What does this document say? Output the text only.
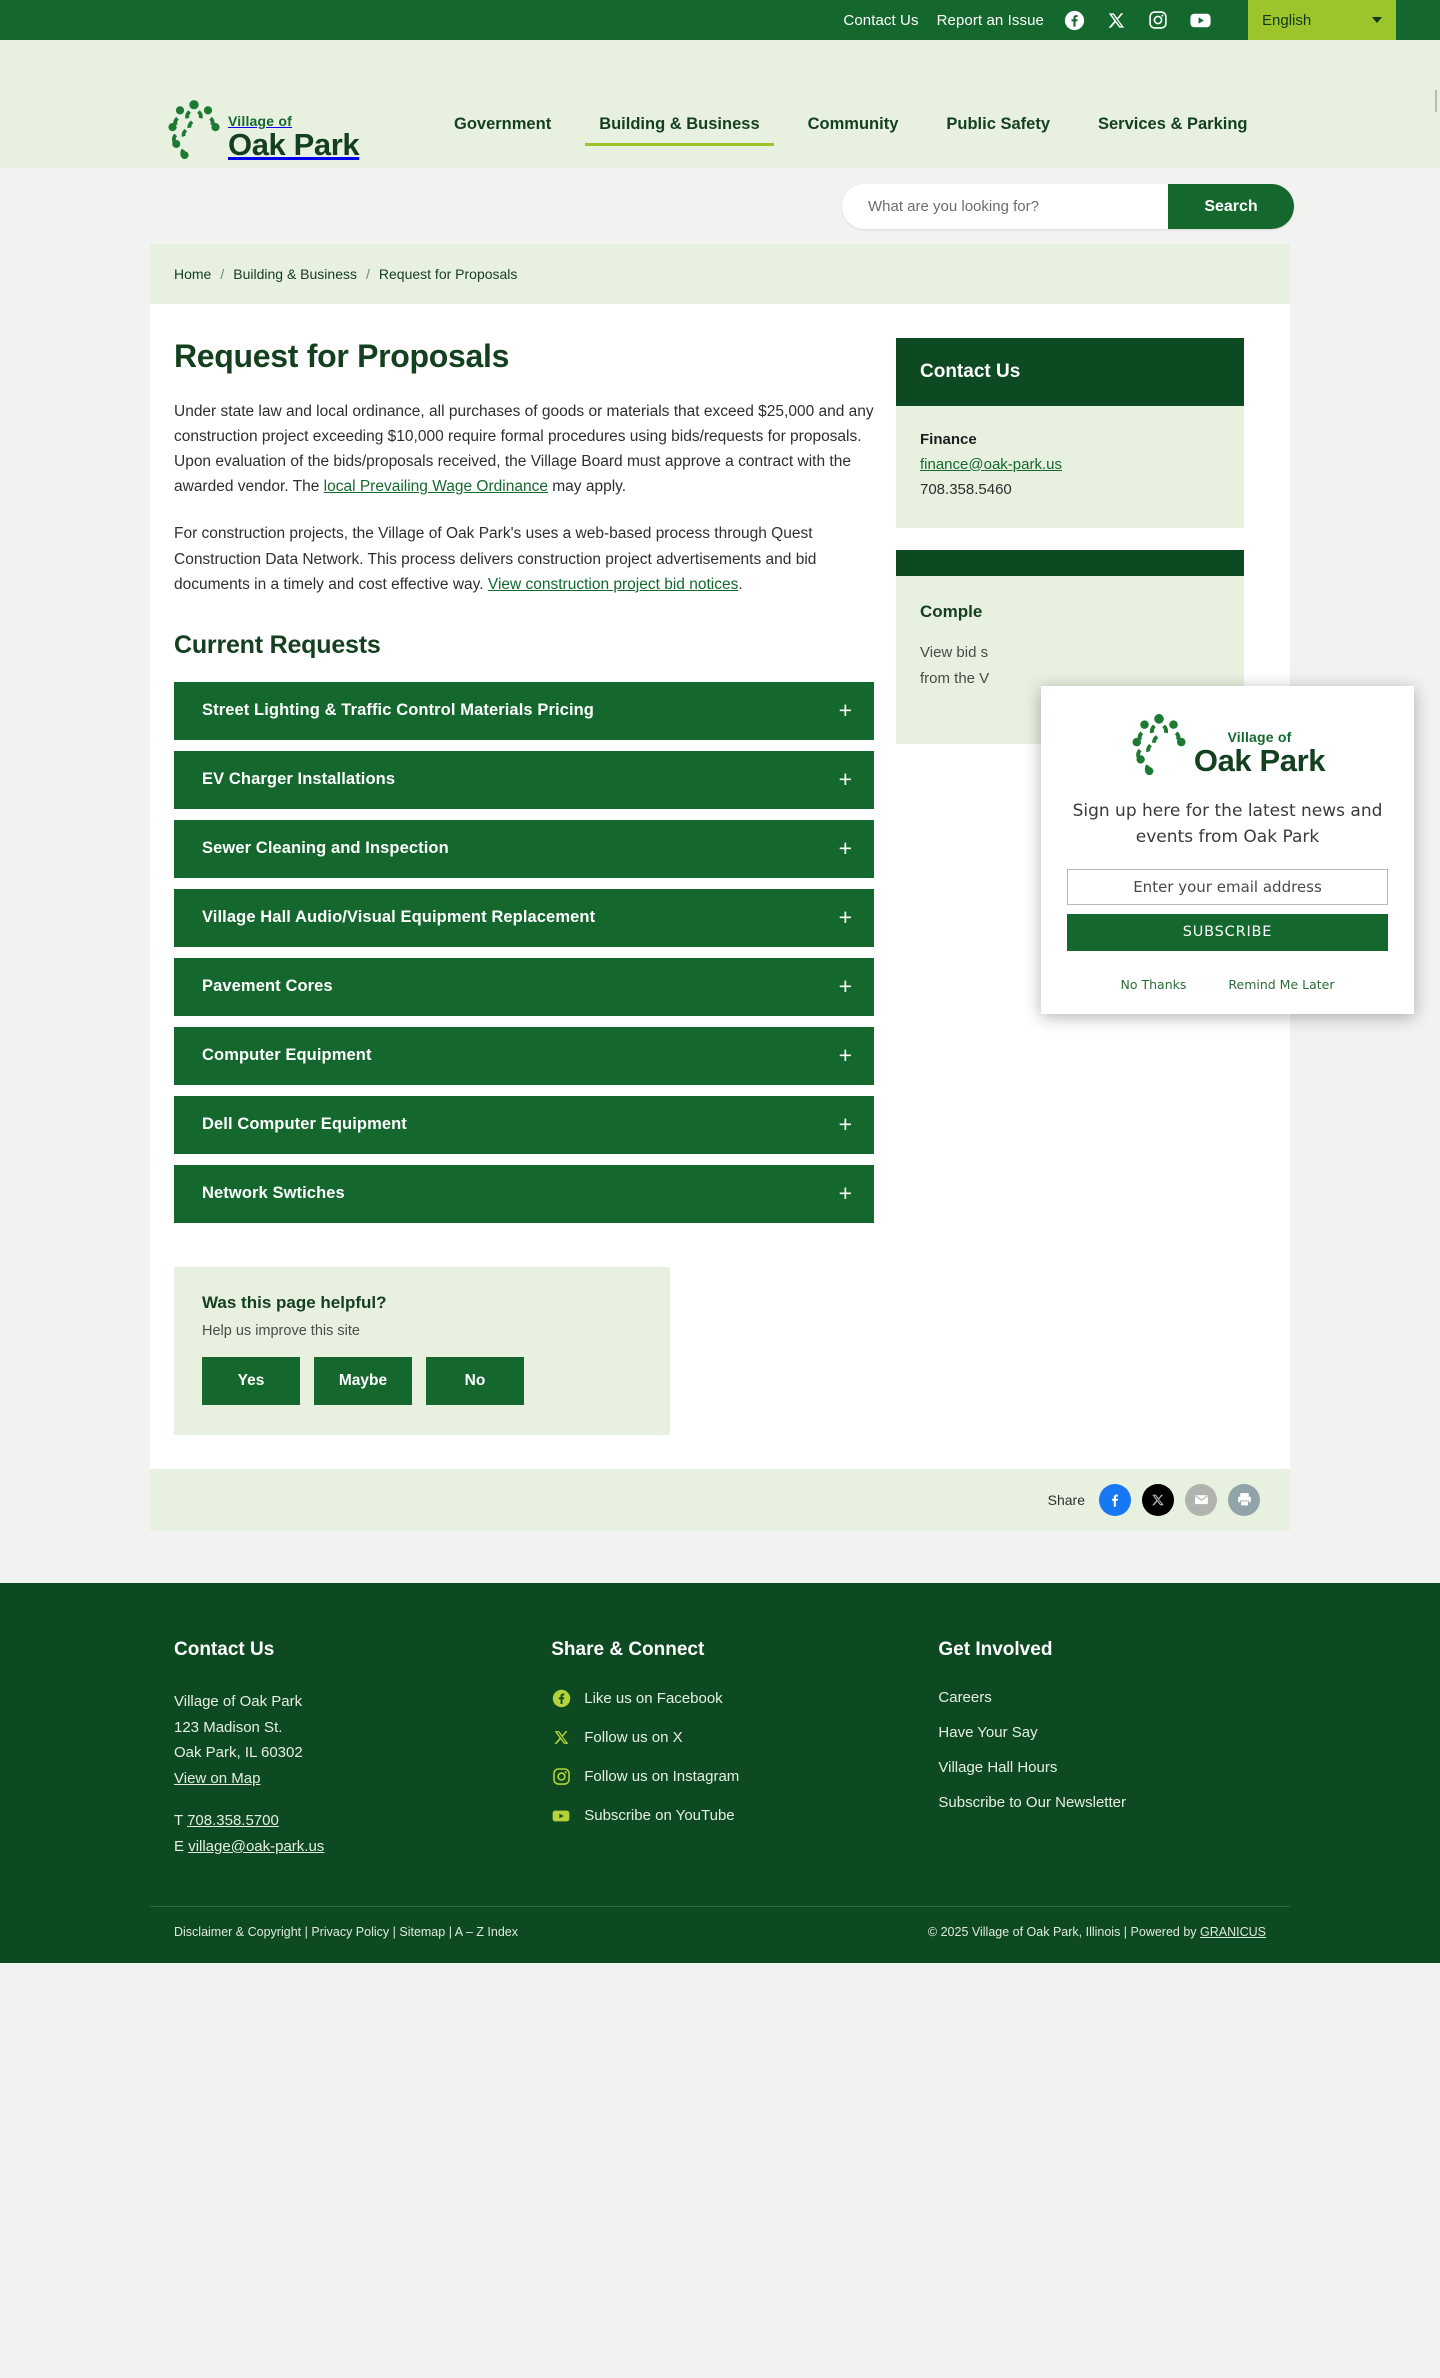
Contact Us Report an Issue	English
Village of
Oak Park
Government	Building & Business	Community	Public Safety	Services & Parking
What are you looking for?
Search
Home / Building & Business / Request for Proposals
Request for Proposals

Under state law and local ordinance, all purchases of goods or materials that exceed $25,000 and any construction project exceeding $10,000 require formal procedures using bids/requests for proposals. Upon evaluation of the bids/proposals received, the Village Board must approve a contract with the awarded vendor. The local Prevailing Wage Ordinance may apply.

For construction projects, the Village of Oak Park's uses a web-based process through Quest Construction Data Network. This process delivers construction project advertisements and bid documents in a timely and cost effective way. View construction project bid notices.

Current Requests
Street Lighting & Traffic Control Materials Pricing	+
EV Charger Installations	+
Sewer Cleaning and Inspection	+
Village Hall Audio/Visual Equipment Replacement	+
Pavement Cores	+
Computer Equipment	+
Dell Computer Equipment	+
Network Swtiches	+
Was this page helpful?
Help us improve this site
Yes	Maybe	No
Contact Us
Finance
finance@oak-park.us
708.358.5460
Comple
View bid s
from the V
Share
Contact Us

Village of Oak Park

123 Madison St.

Oak Park, IL 60302

View on Map

T 708.358.5700

E village@oak-park.us

Share & Connect
Like us on Facebook
Follow us on X
Follow us on Instagram
Subscribe on YouTube
Get Involved
Careers
Have Your Say
Village Hall Hours
Subscribe to Our Newsletter
Disclaimer & Copyright | Privacy Policy | Sitemap | A – Z Index	© 2025 Village of Oak Park, Illinois | Powered by GRANICUS
Village of
Oak Park
Sign up here for the latest news and events from Oak Park
Enter your email address SUBSCRIBE
No Thanks	Remind Me Later
